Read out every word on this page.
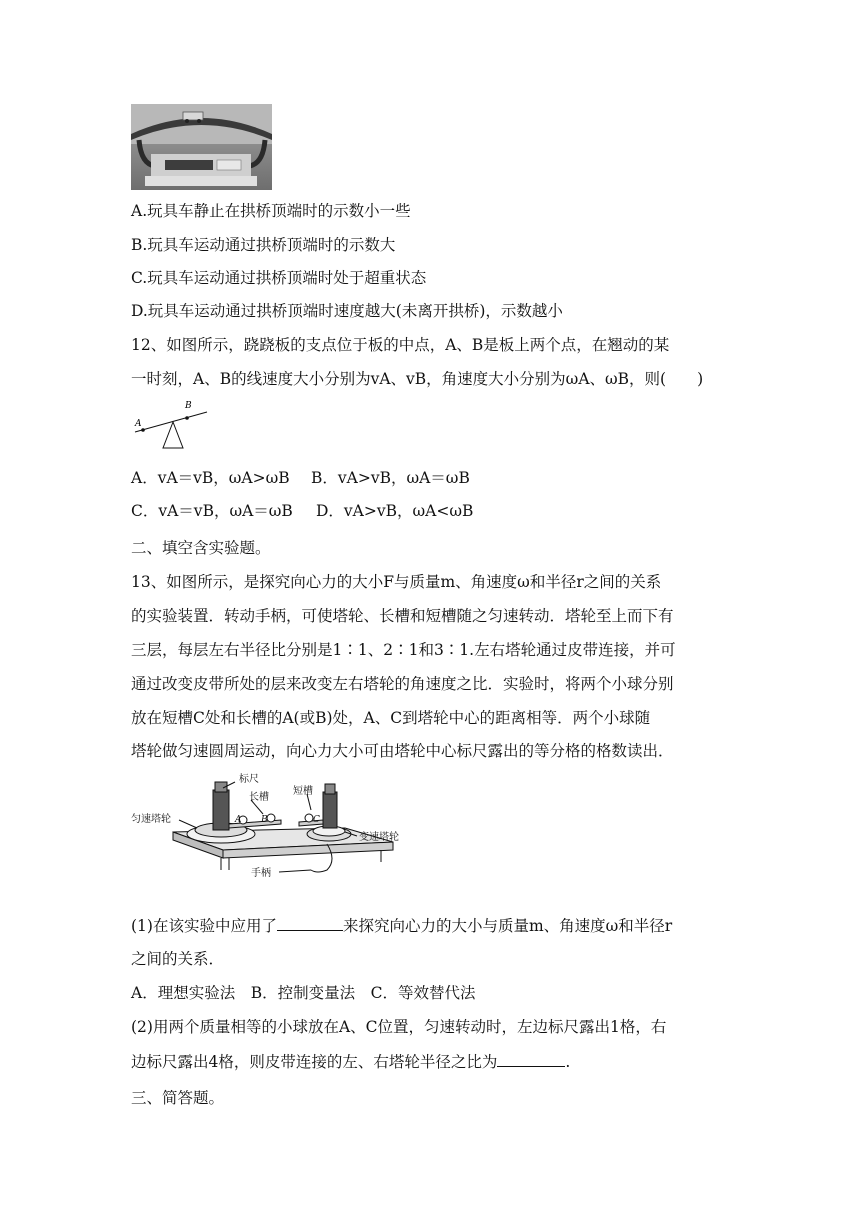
A.玩具车静止在拱桥顶端时的示数小一些
B.玩具车运动通过拱桥顶端时的示数大
C.玩具车运动通过拱桥顶端时处于超重状态
D.玩具车运动通过拱桥顶端时速度越大(未离开拱桥)，示数越小
12、如图所示，跷跷板的支点位于板的中点，A、B是板上两个点，在翘动的某
一时刻，A、B的线速度大小分别为vA、vB，角速度大小分别为ωA、ωB，则(　　)
A
B
A．vA＝vB，ωA>ωB B．vA>vB，ωA＝ωB
C．vA＝vB，ωA＝ωB D．vA>vB，ωA<ωB
二、填空含实验题。
13、如图所示，是探究向心力的大小F与质量m、角速度ω和半径r之间的关系
的实验装置．转动手柄，可使塔轮、长槽和短槽随之匀速转动．塔轮至上而下有
三层，每层左右半径比分别是1∶1、2∶1和3∶1.左右塔轮通过皮带连接，并可
通过改变皮带所处的层来改变左右塔轮的角速度之比．实验时，将两个小球分别
放在短槽C处和长槽的A(或B)处，A、C到塔轮中心的距离相等．两个小球随
塔轮做匀速圆周运动，向心力大小可由塔轮中心标尺露出的等分格的格数读出．
标尺
长槽
短槽
匀速塔轮
变速塔轮
手柄
A B	C
(1)在该实验中应用了	来探究向心力的大小与质量m、角速度ω和半径r
之间的关系．
A．理想实验法　B．控制变量法　C．等效替代法
(2)用两个质量相等的小球放在A、C位置，匀速转动时，左边标尺露出1格，右
边标尺露出4格，则皮带连接的左、右塔轮半径之比为	.
三、简答题。
